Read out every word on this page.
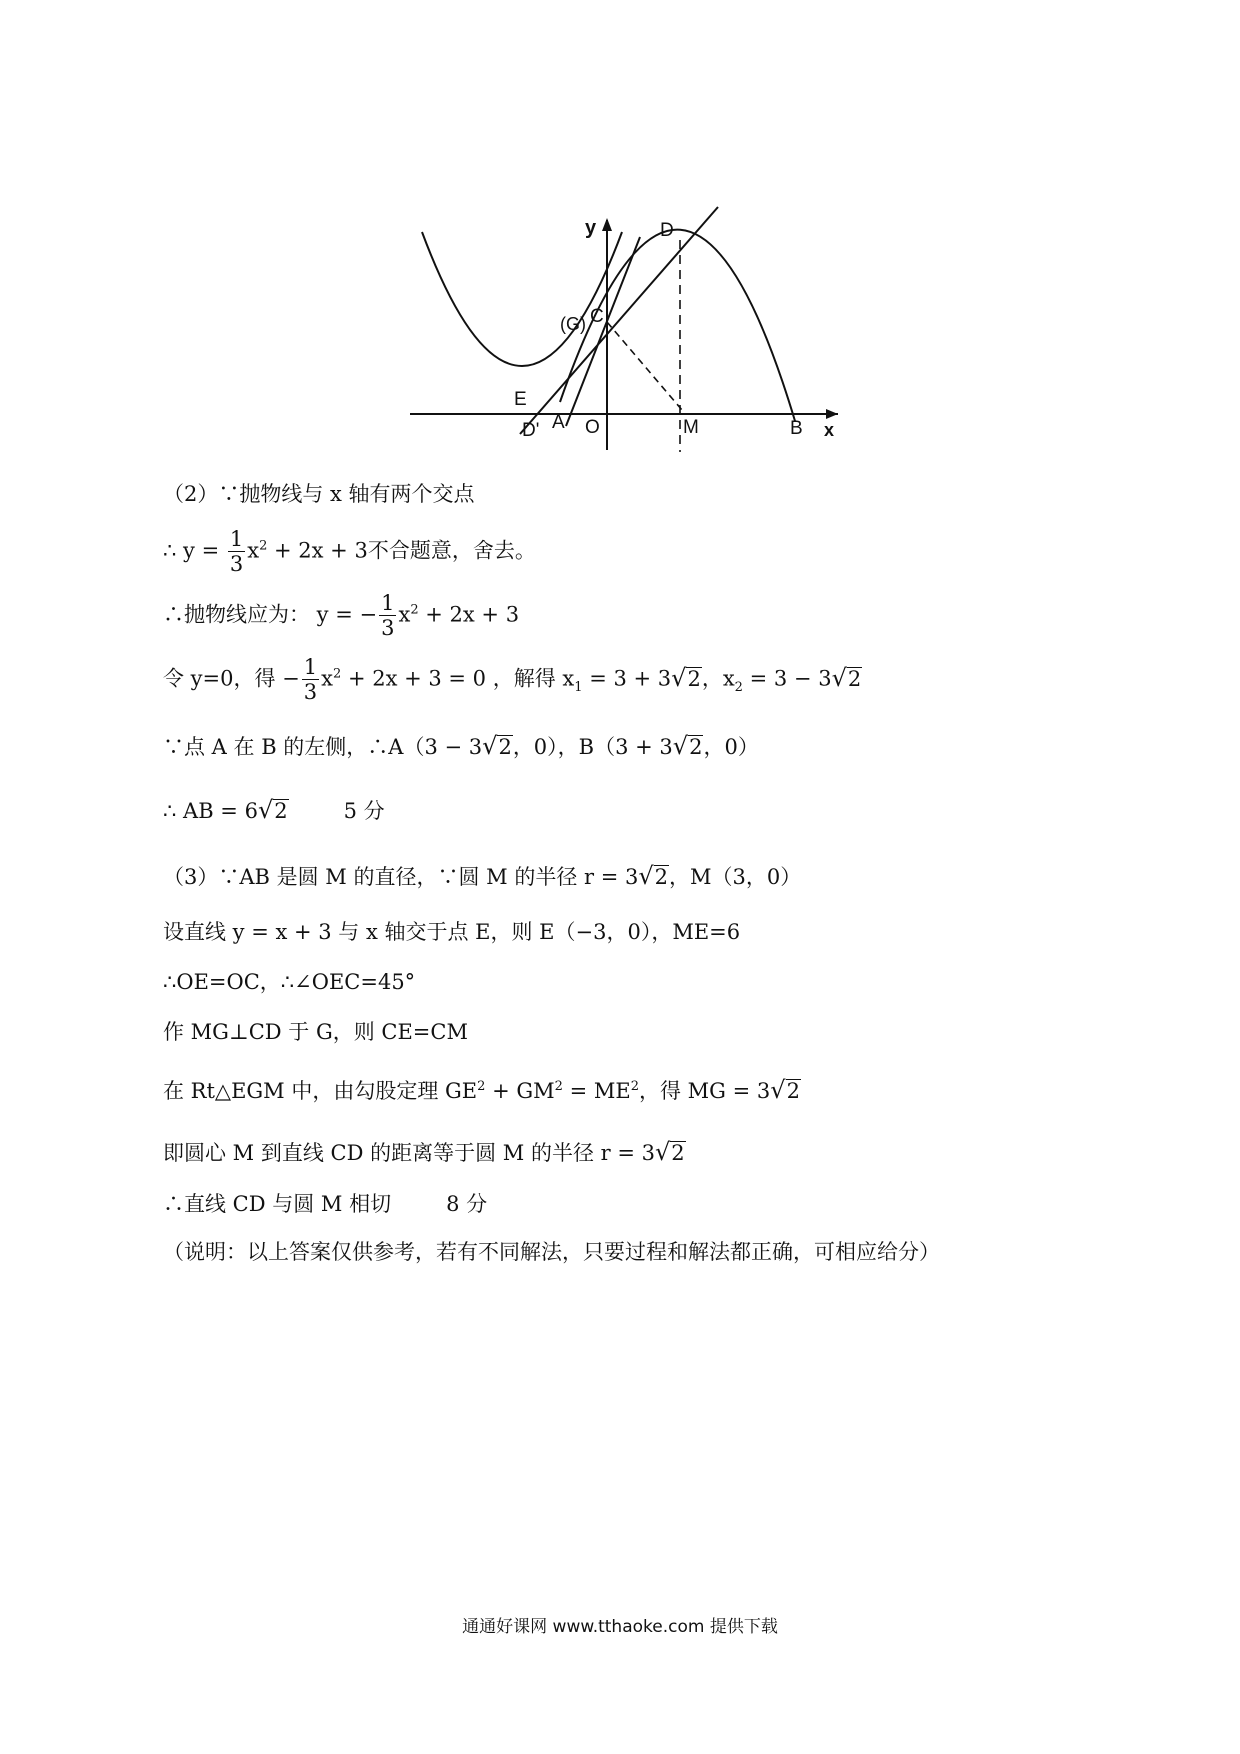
y
x
D
C
(G)
E
D' A O	M	B
（2）∵抛物线与 x 轴有两个交点
∴ $y = \frac{1}{3} x^2 + 2x + 3$不合题意，舍去。
∴抛物线应为： y = − $\frac{1}{3} x^2 + 2x + 3$
令 y=0，得 − $\frac{1}{3} x^2 + 2x + 3 = 0$ ，解得 $x_1 = 3 + 3√2$，$x_2 = 3 - 3√2$
∵点 A 在 B 的左侧，∴A（3 − 3√2，0），B（3 + 3√2，0）
∴ AB = 6√2	5 分
（3）∵AB 是圆 M 的直径，∵圆 M 的半径 r = 3√2，M（3，0）
设直线 y = x + 3 与 x 轴交于点 E，则 E（−3，0），ME=6
∴OE=OC，∴∠OEC=45°
作 MG⊥CD 于 G，则 CE=CM
在 Rt△EGM 中，由勾股定理 $GE^2 + GM^2 = ME^2$，得 MG = 3√2
即圆心 M 到直线 CD 的距离等于圆 M 的半径 r = 3√2
∴直线 CD 与圆 M 相切	8 分
（说明：以上答案仅供参考，若有不同解法，只要过程和解法都正确，可相应给分）
通通好课网 www.tthaoke.com 提供下载
